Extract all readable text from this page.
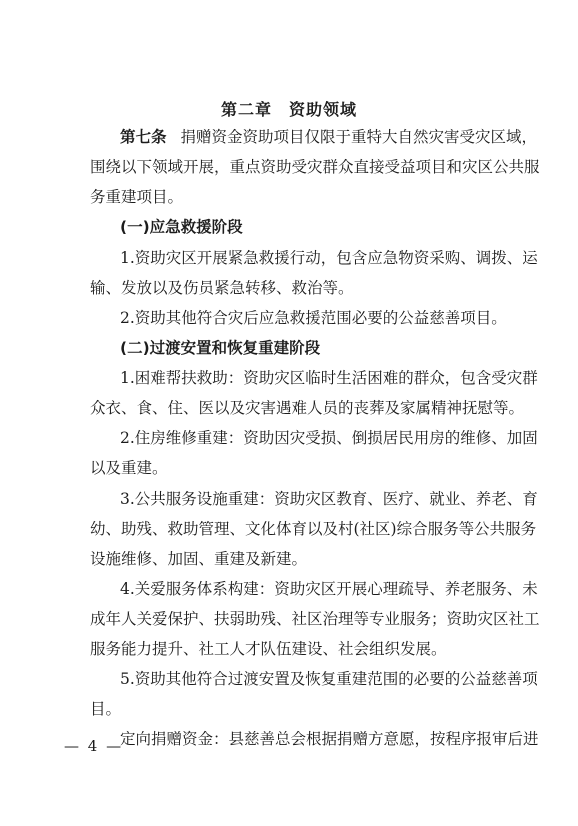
第二章　资助领域
第七条 捐赠资金资助项目仅限于重特大自然灾害受灾区域，
围绕以下领域开展，重点资助受灾群众直接受益项目和灾区公共服
务重建项目。
(一)应急救援阶段
1.资助灾区开展紧急救援行动，包含应急物资采购、调拨、运
输、发放以及伤员紧急转移、救治等。
2.资助其他符合灾后应急救援范围必要的公益慈善项目。
(二)过渡安置和恢复重建阶段
1.困难帮扶救助：资助灾区临时生活困难的群众，包含受灾群
众衣、食、住、医以及灾害遇难人员的丧葬及家属精神抚慰等。
2.住房维修重建：资助因灾受损、倒损居民用房的维修、加固
以及重建。
3.公共服务设施重建：资助灾区教育、医疗、就业、养老、育
幼、助残、救助管理、文化体育以及村(社区)综合服务等公共服务
设施维修、加固、重建及新建。
4.关爱服务体系构建：资助灾区开展心理疏导、养老服务、未
成年人关爱保护、扶弱助残、社区治理等专业服务；资助灾区社工
服务能力提升、社工人才队伍建设、社会组织发展。
5.资助其他符合过渡安置及恢复重建范围的必要的公益慈善项
目。
定向捐赠资金：县慈善总会根据捐赠方意愿，按程序报审后进
— 4 —
